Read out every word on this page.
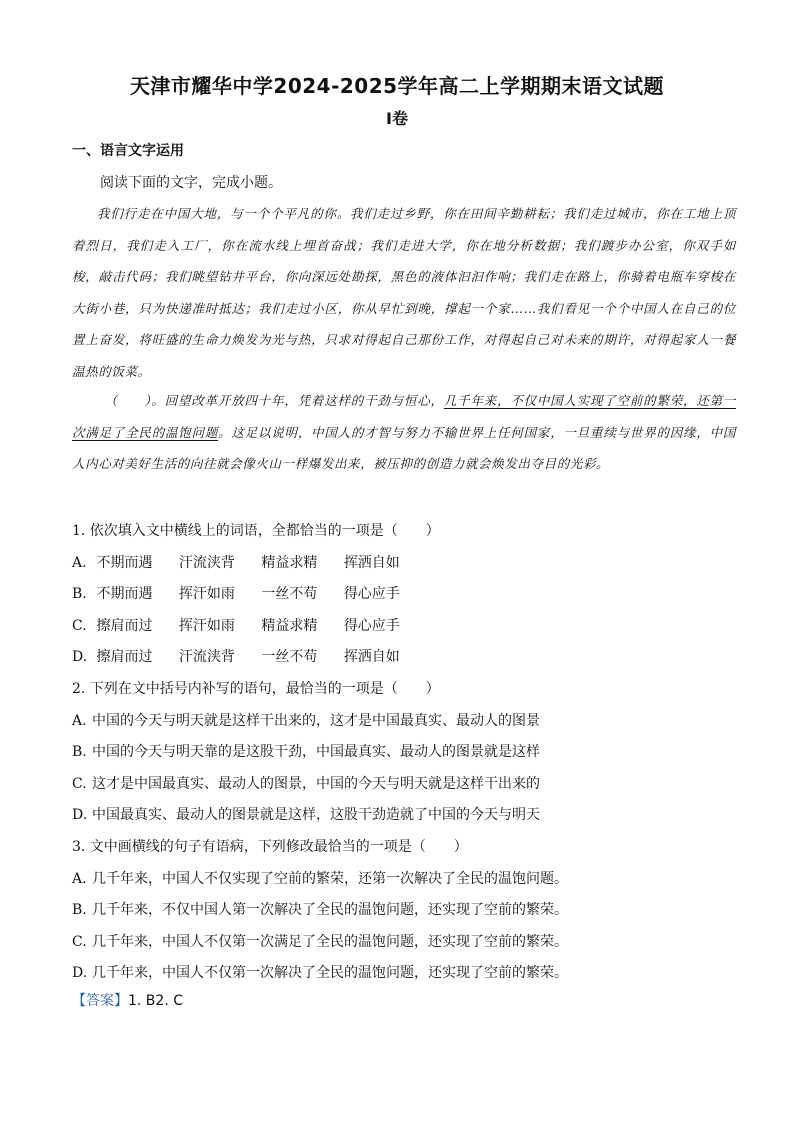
天津市耀华中学2024-2025学年高二上学期期末语文试题
I卷
一、语言文字运用
阅读下面的文字，完成小题。

我们行走在中国大地，与一个个平凡的你。我们走过乡野，你在田间辛勤耕耘；我们走过城市，你在工地上顶着烈日，我们走入工厂，你在流水线上埋首奋战；我们走进大学，你在地分析数据；我们踱步办公室，你双手如梭，敲击代码；我们眺望钻井平台，你向深远处勘探，黑色的液体汩汩作响；我们走在路上，你骑着电瓶车穿梭在大街小巷，只为快递准时抵达；我们走过小区，你从早忙到晚，撑起一个家……我们看见一个个中国人在自己的位置上奋发，将旺盛的生命力焕发为光与热，只求对得起自己那份工作，对得起自己对未来的期许，对得起家人一餐温热的饭菜。

（　　）。回望改革开放四十年，凭着这样的干劲与恒心，几千年来，不仅中国人实现了空前的繁荣，还第一次满足了全民的温饱问题。这足以说明，中国人的才智与努力不输世界上任何国家，一旦重续与世界的因缘，中国人内心对美好生活的向往就会像火山一样爆发出来，被压抑的创造力就会焕发出夺目的光彩。

1. 依次填入文中横线上的词语，全都恰当的一项是（　　）
A. 不期而遇 汗流浃背 精益求精 挥洒自如
B. 不期而遇 挥汗如雨 一丝不苟 得心应手
C. 擦肩而过 挥汗如雨 精益求精 得心应手
D. 擦肩而过 汗流浃背 一丝不苟 挥洒自如
2. 下列在文中括号内补写的语句，最恰当的一项是（　　）
A. 中国的今天与明天就是这样干出来的，这才是中国最真实、最动人的图景
B. 中国的今天与明天靠的是这股干劲，中国最真实、最动人的图景就是这样
C. 这才是中国最真实、最动人的图景，中国的今天与明天就是这样干出来的
D. 中国最真实、最动人的图景就是这样，这股干劲造就了中国的今天与明天
3. 文中画横线的句子有语病，下列修改最恰当的一项是（　　）
A. 几千年来，中国人不仅实现了空前的繁荣，还第一次解决了全民的温饱问题。
B. 几千年来，不仅中国人第一次解决了全民的温饱问题，还实现了空前的繁荣。
C. 几千年来，中国人不仅第一次满足了全民的温饱问题，还实现了空前的繁荣。
D. 几千年来，中国人不仅第一次解决了全民的温饱问题，还实现了空前的繁荣。
【答案】1. B2. C
